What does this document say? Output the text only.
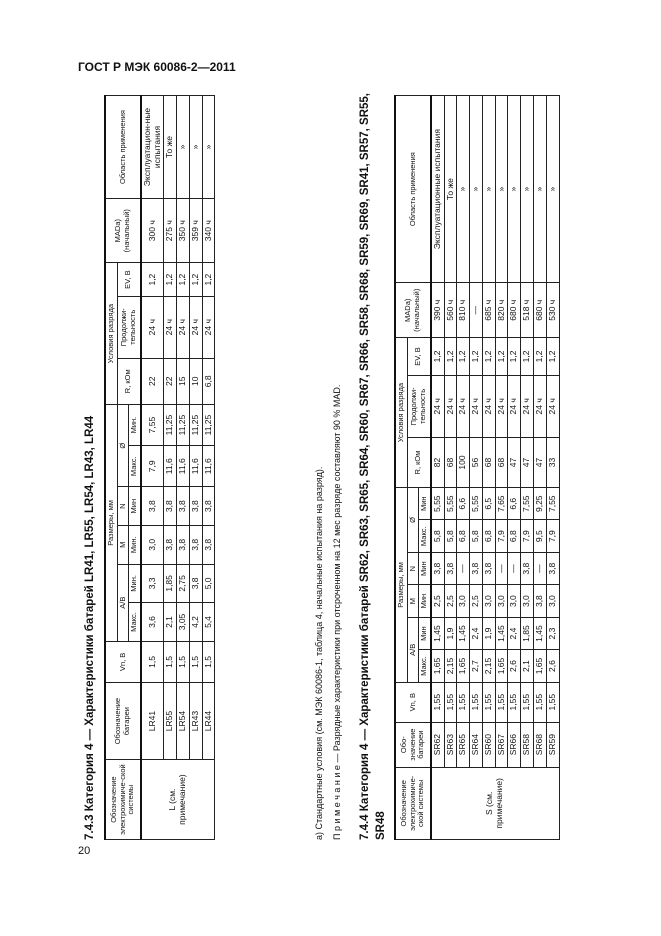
ГОСТ Р МЭК 60086-2—2011
20
7.4.3 Категория 4 — Характеристики батарей LR41, LR55, LR54, LR43, LR44 Обозначение электрохимиче-ской системы	Обозначение батареи	Vn, В	Размеры, мм						Условия разряда			MADа) (начальный)	Область применения
			A/B		M	N	Ø		R, кОм	Продолжи-тельность	EV, В		
			Макс.	Мин.	Мин.	Мин	Макс.	Мин.					
L (см. примечание)	LR41	1,5	3,6	3,3	3,0	3,8	7,9	7,55	22	24 ч	1,2	300 ч	Эксплуатацион-ные испытания
	LR55	1,5	2,1	1,85	3,8	3,8	11,6	11,25	22	24 ч	1,2	275 ч	То же
	LR54	1,5	3,05	2,75	3,8	3,8	11,6	11,25	15	24 ч	1,2	350 ч	»
	LR43	1,5	4,2	3,8	3,8	3,8	11,6	11,25	10	24 ч	1,2	359 ч	»
	LR44	1,5	5,4	5,0	3,8	3,8	11,6	11,25	6,8	24 ч	1,2	340 ч	»
а) Стандартные условия (см. МЭК 60086-1, таблица 4, начальные испытания на разряд). П р и м е ч а н и е — Разрядные характеристики при отсроченном на 12 мес разряде составляют 90 % MAD. 7.4.4 Категория 4 — Характеристики батарей SR62, SR63, SR65, SR64, SR60, SR67, SR66, SR58, SR68, SR59, SR69, SR41, SR57, SR55, SR48	Обозначение электрохимиче-ской системы	Обо-значение батареи	Vn, В	Размеры, мм						Условия разряда			MADа) (начальный)	Область применения
			A/B		M	N	Ø		R, кОм	Продолжи-тельность	EV, В		
			Макс.	Мин	Мин	Мин	Макс.	Мин					
S (см. примечание)	SR62	1,55	1,65	1,45	2,5	3,8	5,8	5,55	82	24 ч	1,2	390 ч	Эксплуатационные испытания
	SR63	1,55	2,15	1,9	2,5	3,8	5,8	5,55	68	24 ч	1,2	560 ч	То же
	SR65	1,55	1,65	1,45	3,0	—	6,8	6,6	100	24 ч	1,2	810 ч	»
	SR64	1,55	2,7	2,4	2,5	3,8	5,8	5,55	56	24 ч	1,2	—	»
	SR60	1,55	2,15	1,9	3,0	3,8	6,8	6,5	68	24 ч	1,2	685 ч	»
	SR67	1,55	1,65	1,45	3,0	—	7,9	7,65	68	24 ч	1,2	820 ч	»
	SR66	1,55	2,6	2,4	3,0	—	6,8	6,6	47	24 ч	1,2	680 ч	»
	SR58	1,55	2,1	1,85	3,0	3,8	7,9	7,55	47	24 ч	1,2	518 ч	»
	SR68	1,55	1,65	1,45	3,8	—	9,5	9,25	47	24 ч	1,2	680 ч	»
	SR59	1,55	2,6	2,3	3,0	3,8	7,9	7,55	33	24 ч	1,2	530 ч	»
